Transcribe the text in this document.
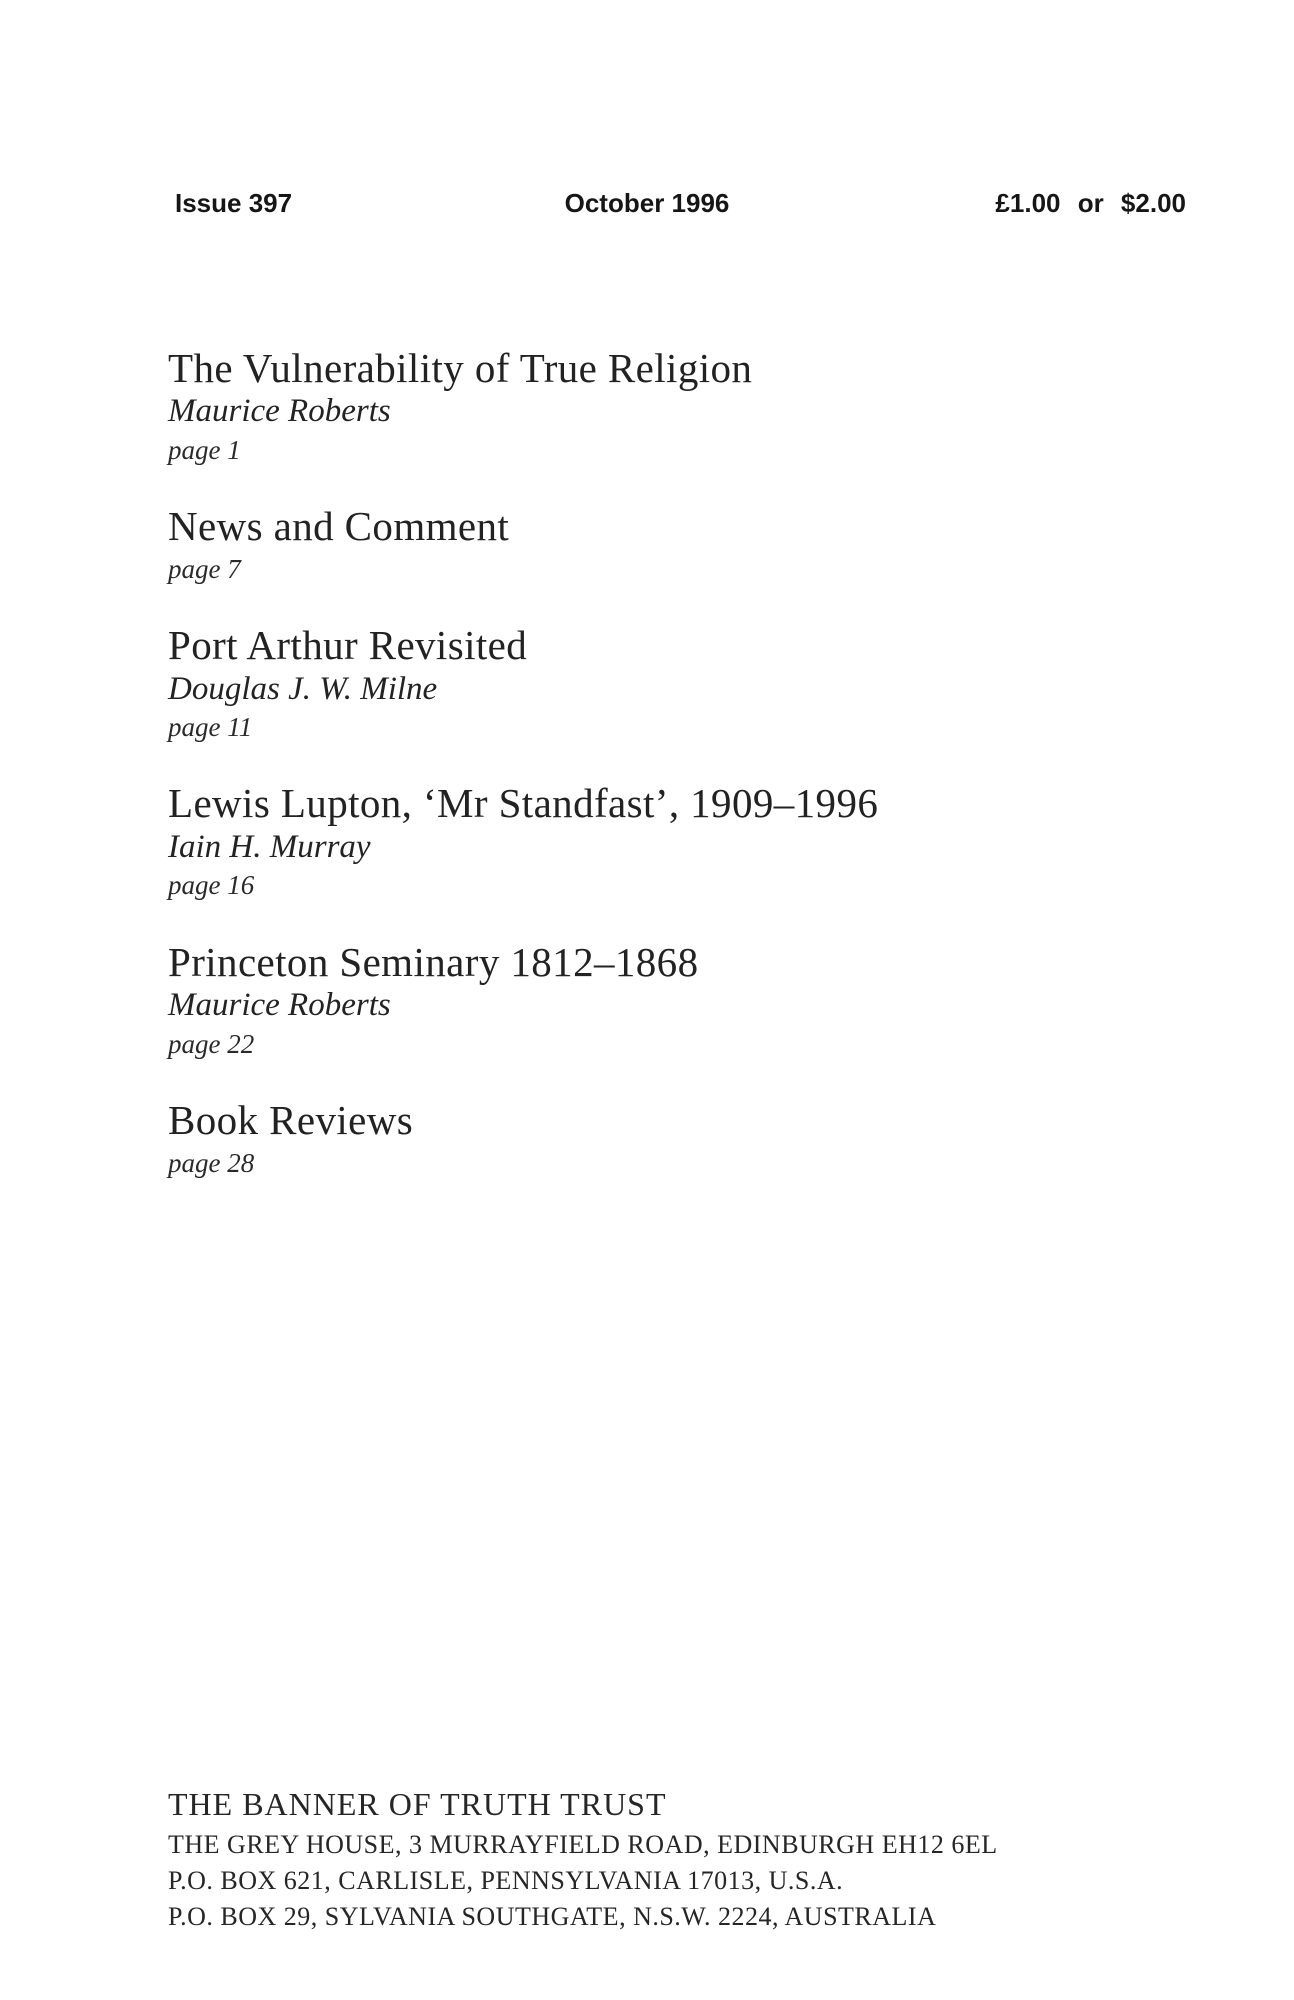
Issue 397	October 1996	£1.00 or $2.00
The Vulnerability of True Religion

Maurice Roberts

page 1

News and Comment

page 7

Port Arthur Revisited

Douglas J. W. Milne

page 11

Lewis Lupton, ‘Mr Standfast’, 1909–1996

Iain H. Murray

page 16

Princeton Seminary 1812–1868

Maurice Roberts

page 22

Book Reviews

page 28

THE BANNER OF TRUTH TRUST

THE GREY HOUSE, 3 MURRAYFIELD ROAD, EDINBURGH EH12 6EL

P.O. BOX 621, CARLISLE, PENNSYLVANIA 17013, U.S.A.

P.O. BOX 29, SYLVANIA SOUTHGATE, N.S.W. 2224, AUSTRALIA
